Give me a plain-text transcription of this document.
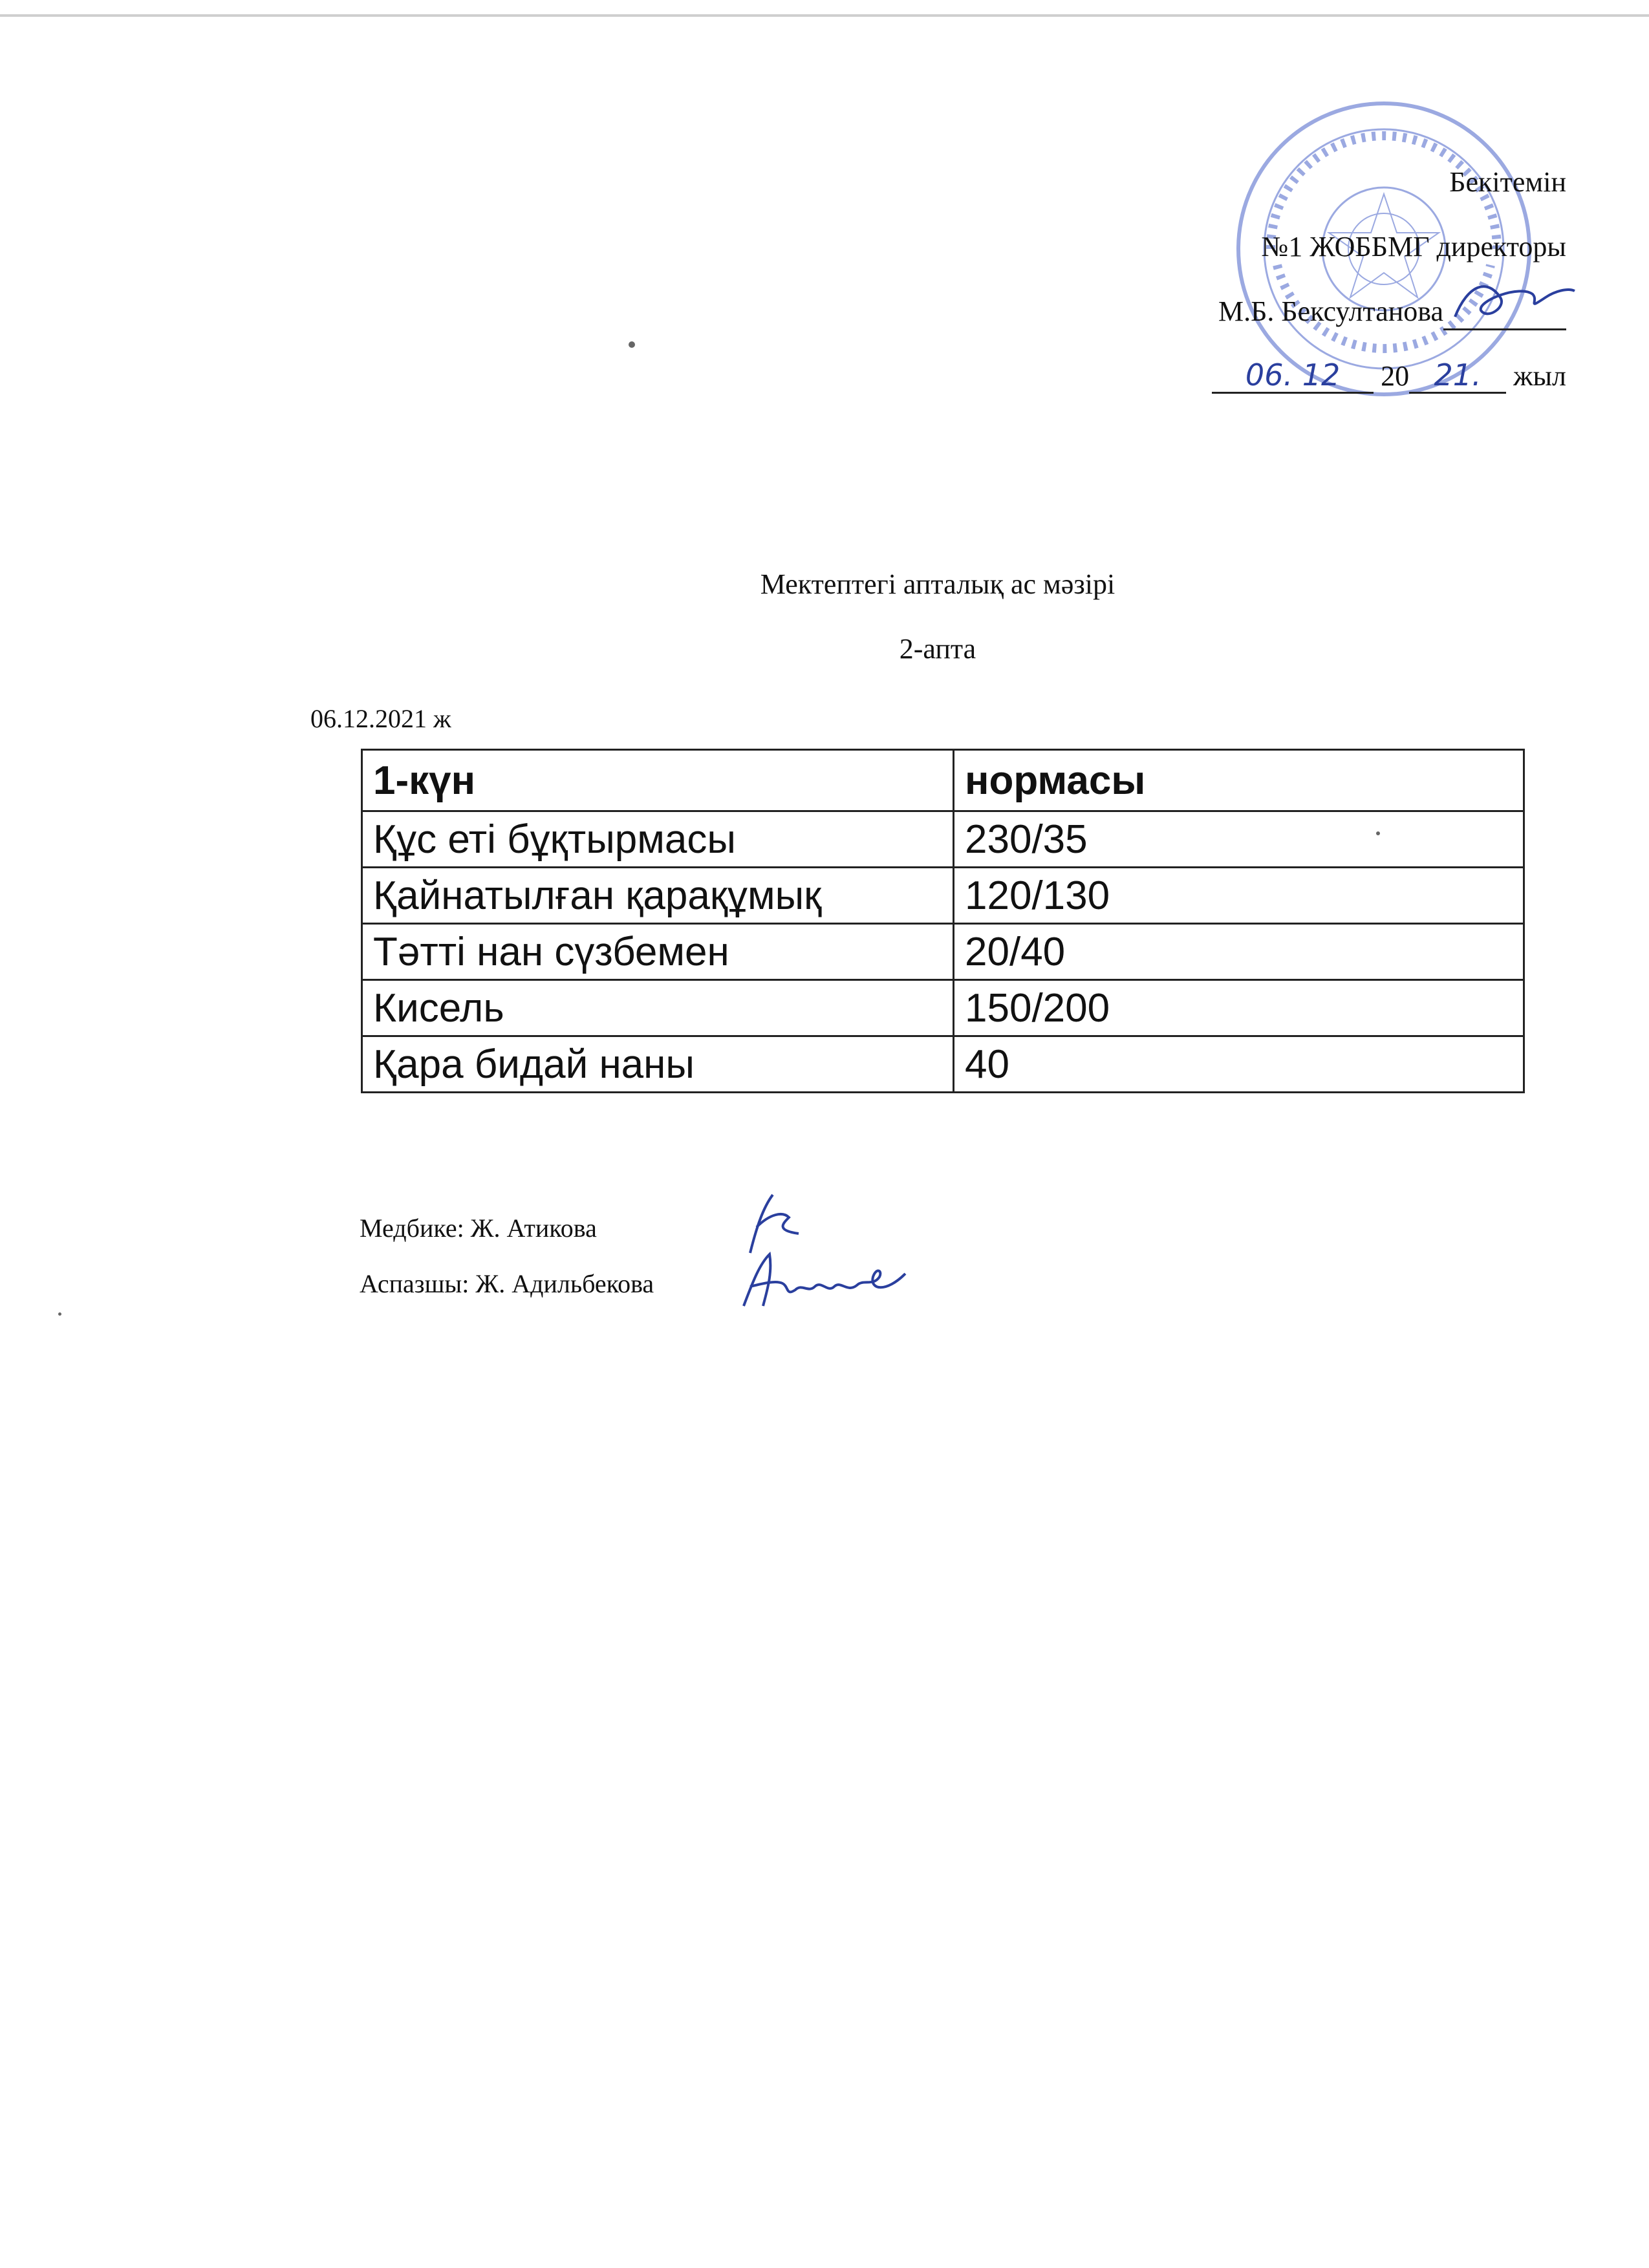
Бекітемін
№1 ЖОББМГ директоры
М.Б. Бексултанова
06. 12 20 21. жыл
Мектептегі апталық ас мәзірі
2-апта
06.12.2021 ж
1-күн	нормасы
Құс еті бұқтырмасы	230/35
Қайнатылған қарақұмық	120/130
Тәтті нан сүзбемен	20/40
Кисель	150/200
Қара бидай наны	40
Медбике: Ж. Атикова
Аспазшы: Ж. Адильбекова
